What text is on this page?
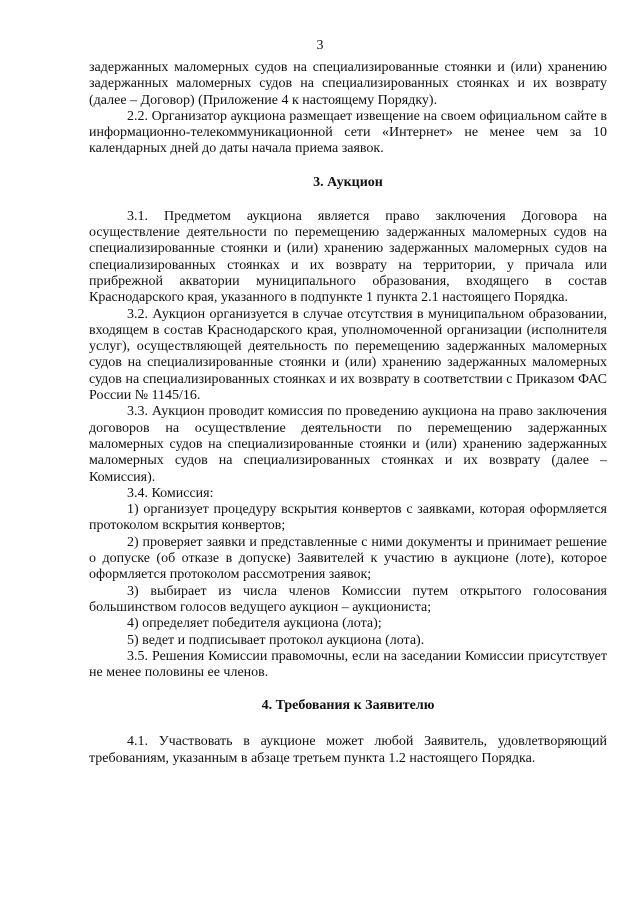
3

задержанных маломерных судов на специализированные стоянки и (или) хранению задержанных маломерных судов на специализированных стоянках и их возврату (далее – Договор) (Приложение 4 к настоящему Порядку).

2.2. Организатор аукциона размещает извещение на своем официальном сайте в информационно-телекоммуникационной сети «Интернет» не менее чем за 10 календарных дней до даты начала приема заявок.

3. Аукцион

3.1. Предметом аукциона является право заключения Договора на осуществление деятельности по перемещению задержанных маломерных судов на специализированные стоянки и (или) хранению задержанных маломерных судов на специализированных стоянках и их возврату на территории, у причала или прибрежной акватории муниципального образования, входящего в состав Краснодарского края, указанного в подпункте 1 пункта 2.1 настоящего Порядка.

3.2. Аукцион организуется в случае отсутствия в муниципальном образовании, входящем в состав Краснодарского края, уполномоченной организации (исполнителя услуг), осуществляющей деятельность по перемещению задержанных маломерных судов на специализированные стоянки и (или) хранению задержанных маломерных судов на специализированных стоянках и их возврату в соответствии с Приказом ФАС России № 1145/16.

3.3. Аукцион проводит комиссия по проведению аукциона на право заключения договоров на осуществление деятельности по перемещению задержанных маломерных судов на специализированные стоянки и (или) хранению задержанных маломерных судов на специализированных стоянках и их возврату (далее – Комиссия).

3.4. Комиссия:

1) организует процедуру вскрытия конвертов с заявками, которая оформляется протоколом вскрытия конвертов;

2) проверяет заявки и представленные с ними документы и принимает решение о допуске (об отказе в допуске) Заявителей к участию в аукционе (лоте), которое оформляется протоколом рассмотрения заявок;

3) выбирает из числа членов Комиссии путем открытого голосования большинством голосов ведущего аукцион – аукциониста;

4) определяет победителя аукциона (лота);

5) ведет и подписывает протокол аукциона (лота).

3.5. Решения Комиссии правомочны, если на заседании Комиссии присутствует не менее половины ее членов.

4. Требования к Заявителю

4.1. Участвовать в аукционе может любой Заявитель, удовлетворяющий требованиям, указанным в абзаце третьем пункта 1.2 настоящего Порядка.
